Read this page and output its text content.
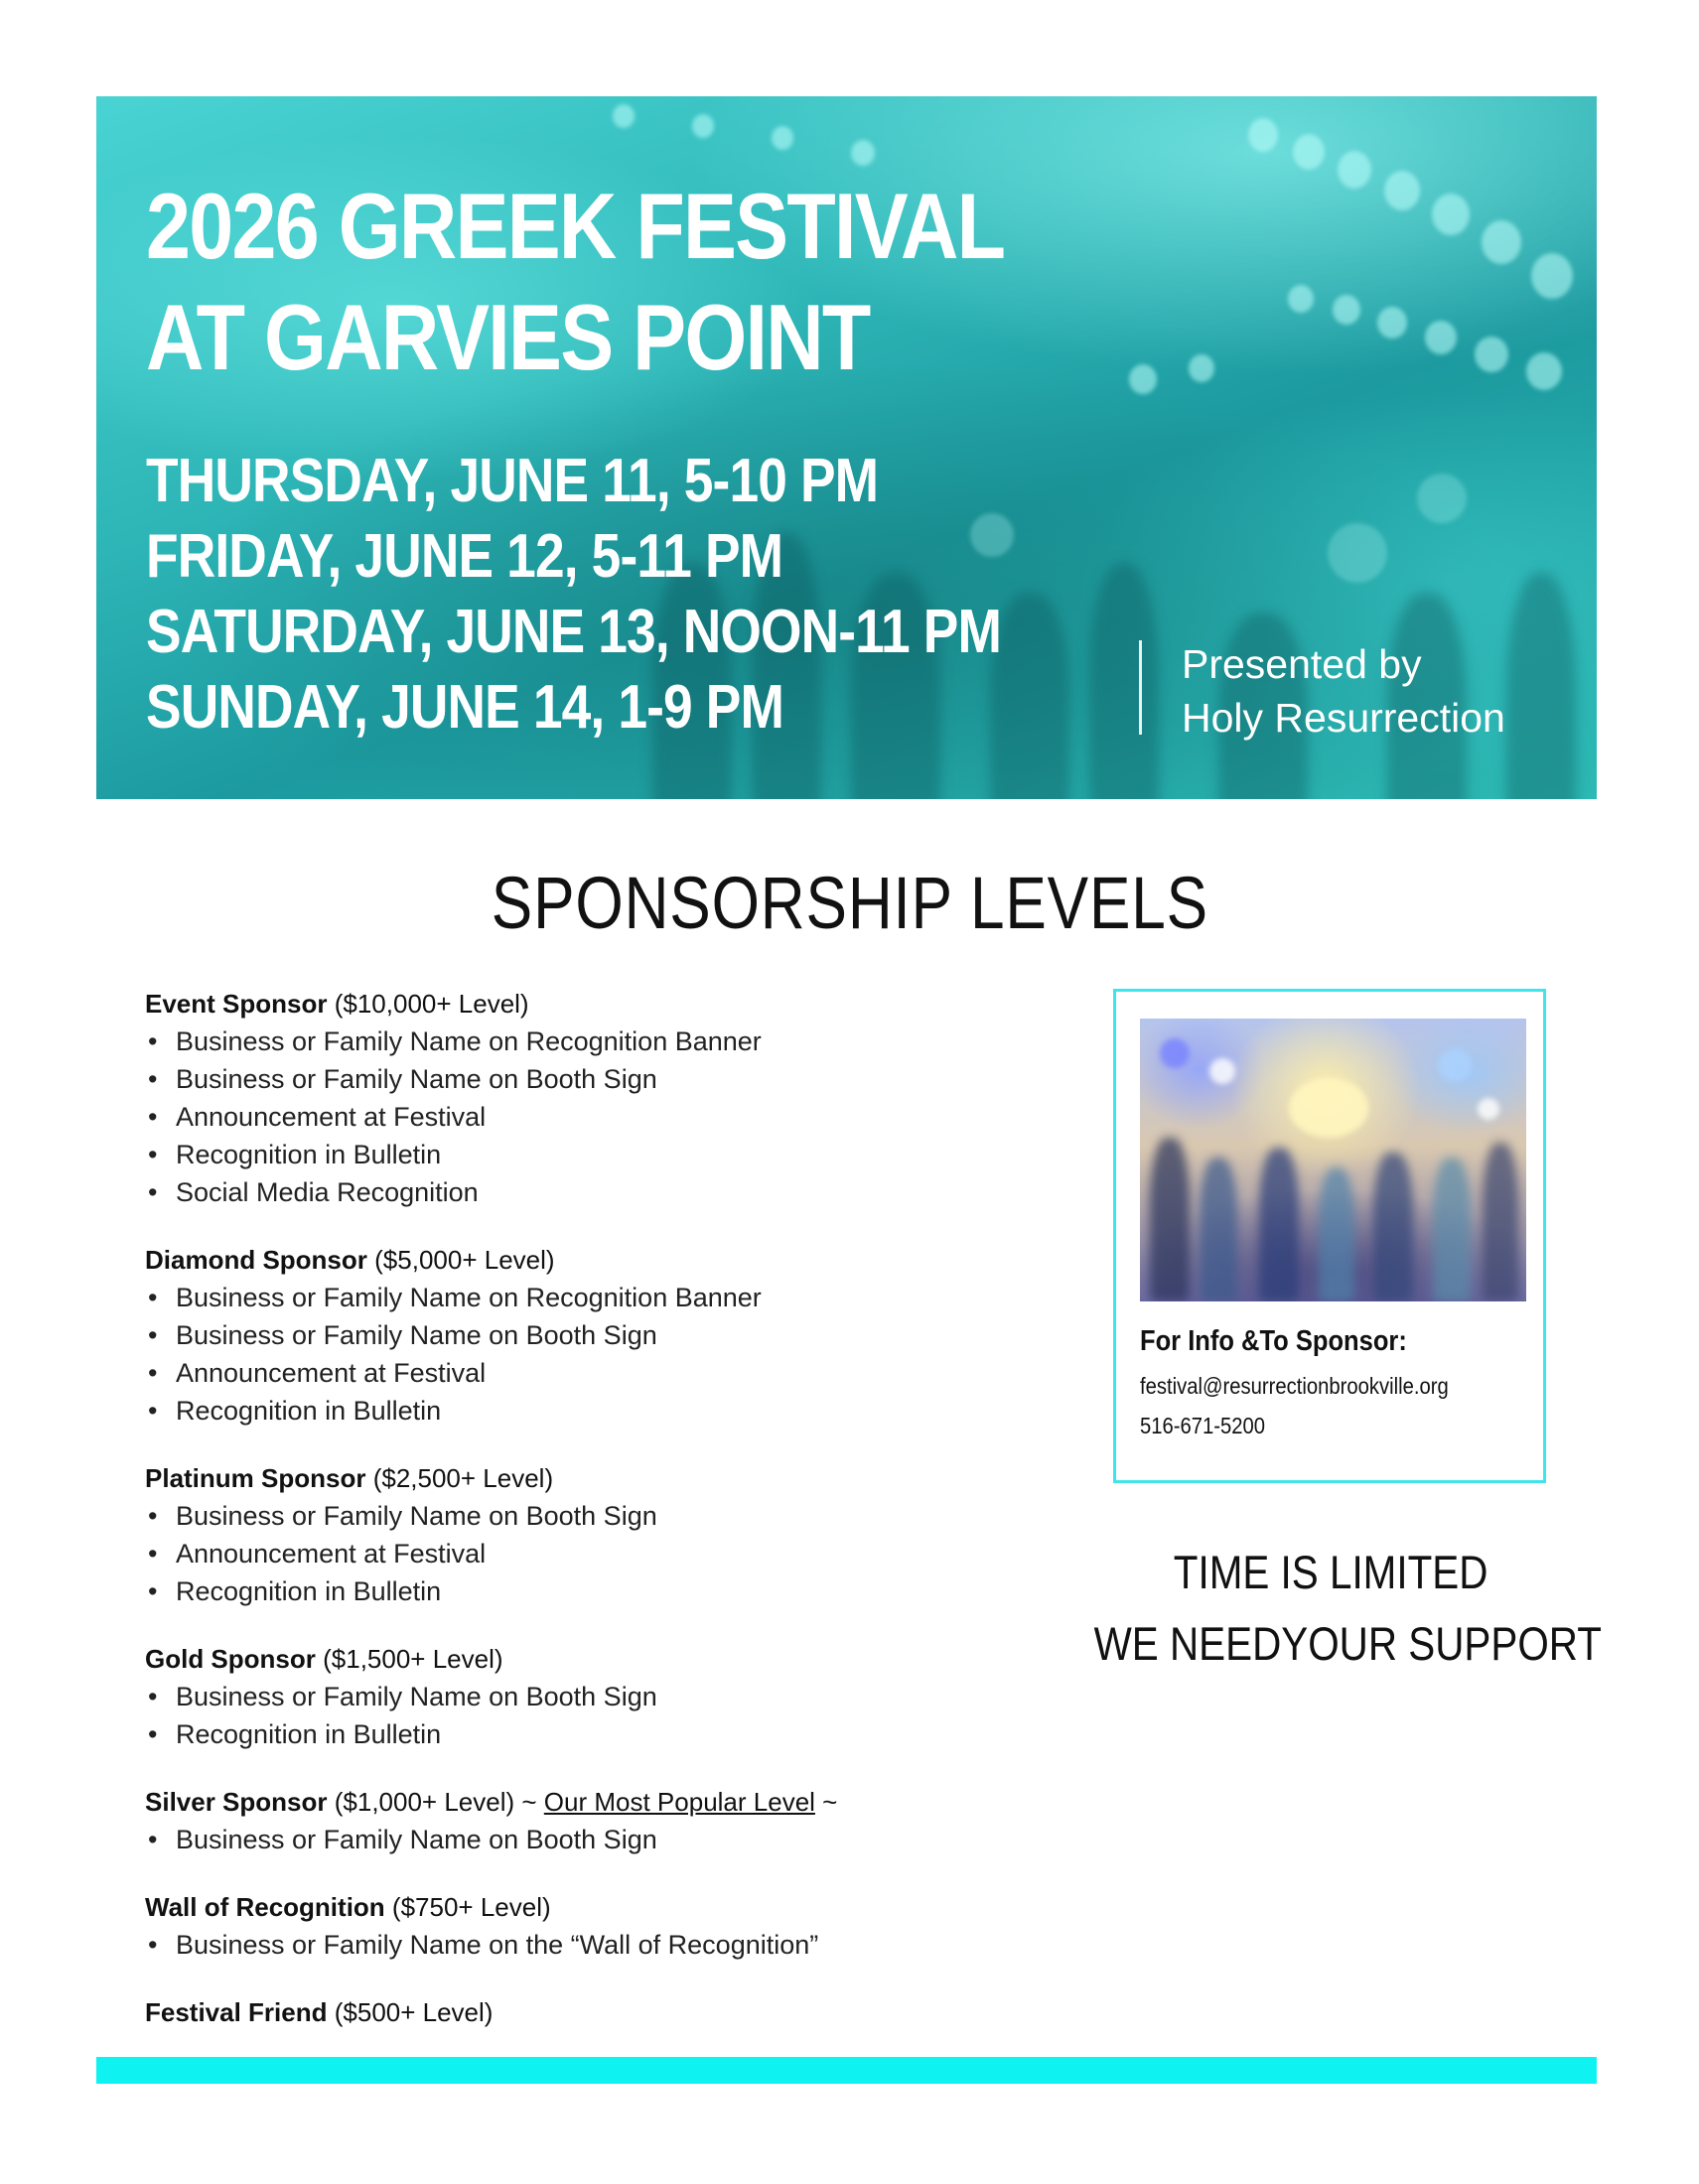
2026 GREEK FESTIVAL
AT GARVIES POINT
THURSDAY, JUNE 11, 5-10 PM
FRIDAY, JUNE 12, 5-11 PM
SATURDAY, JUNE 13, NOON-11 PM
SUNDAY, JUNE 14, 1-9 PM
Presented by
Holy Resurrection
SPONSORSHIP LEVELS
Event Sponsor ($10,000+ Level)
• Business or Family Name on Recognition Banner
• Business or Family Name on Booth Sign
• Announcement at Festival
• Recognition in Bulletin
• Social Media Recognition
Diamond Sponsor ($5,000+ Level)
• Business or Family Name on Recognition Banner
• Business or Family Name on Booth Sign
• Announcement at Festival
• Recognition in Bulletin
Platinum Sponsor ($2,500+ Level)
• Business or Family Name on Booth Sign
• Announcement at Festival
• Recognition in Bulletin
Gold Sponsor ($1,500+ Level)
• Business or Family Name on Booth Sign
• Recognition in Bulletin
Silver Sponsor ($1,000+ Level) ~ Our Most Popular Level ~
• Business or Family Name on Booth Sign
Wall of Recognition ($750+ Level)
• Business or Family Name on the “Wall of Recognition”
Festival Friend ($500+ Level)
For Info &To Sponsor:
festival@resurrectionbrookville.org
516-671-5200
TIME IS LIMITED
WE NEEDYOUR SUPPORT
